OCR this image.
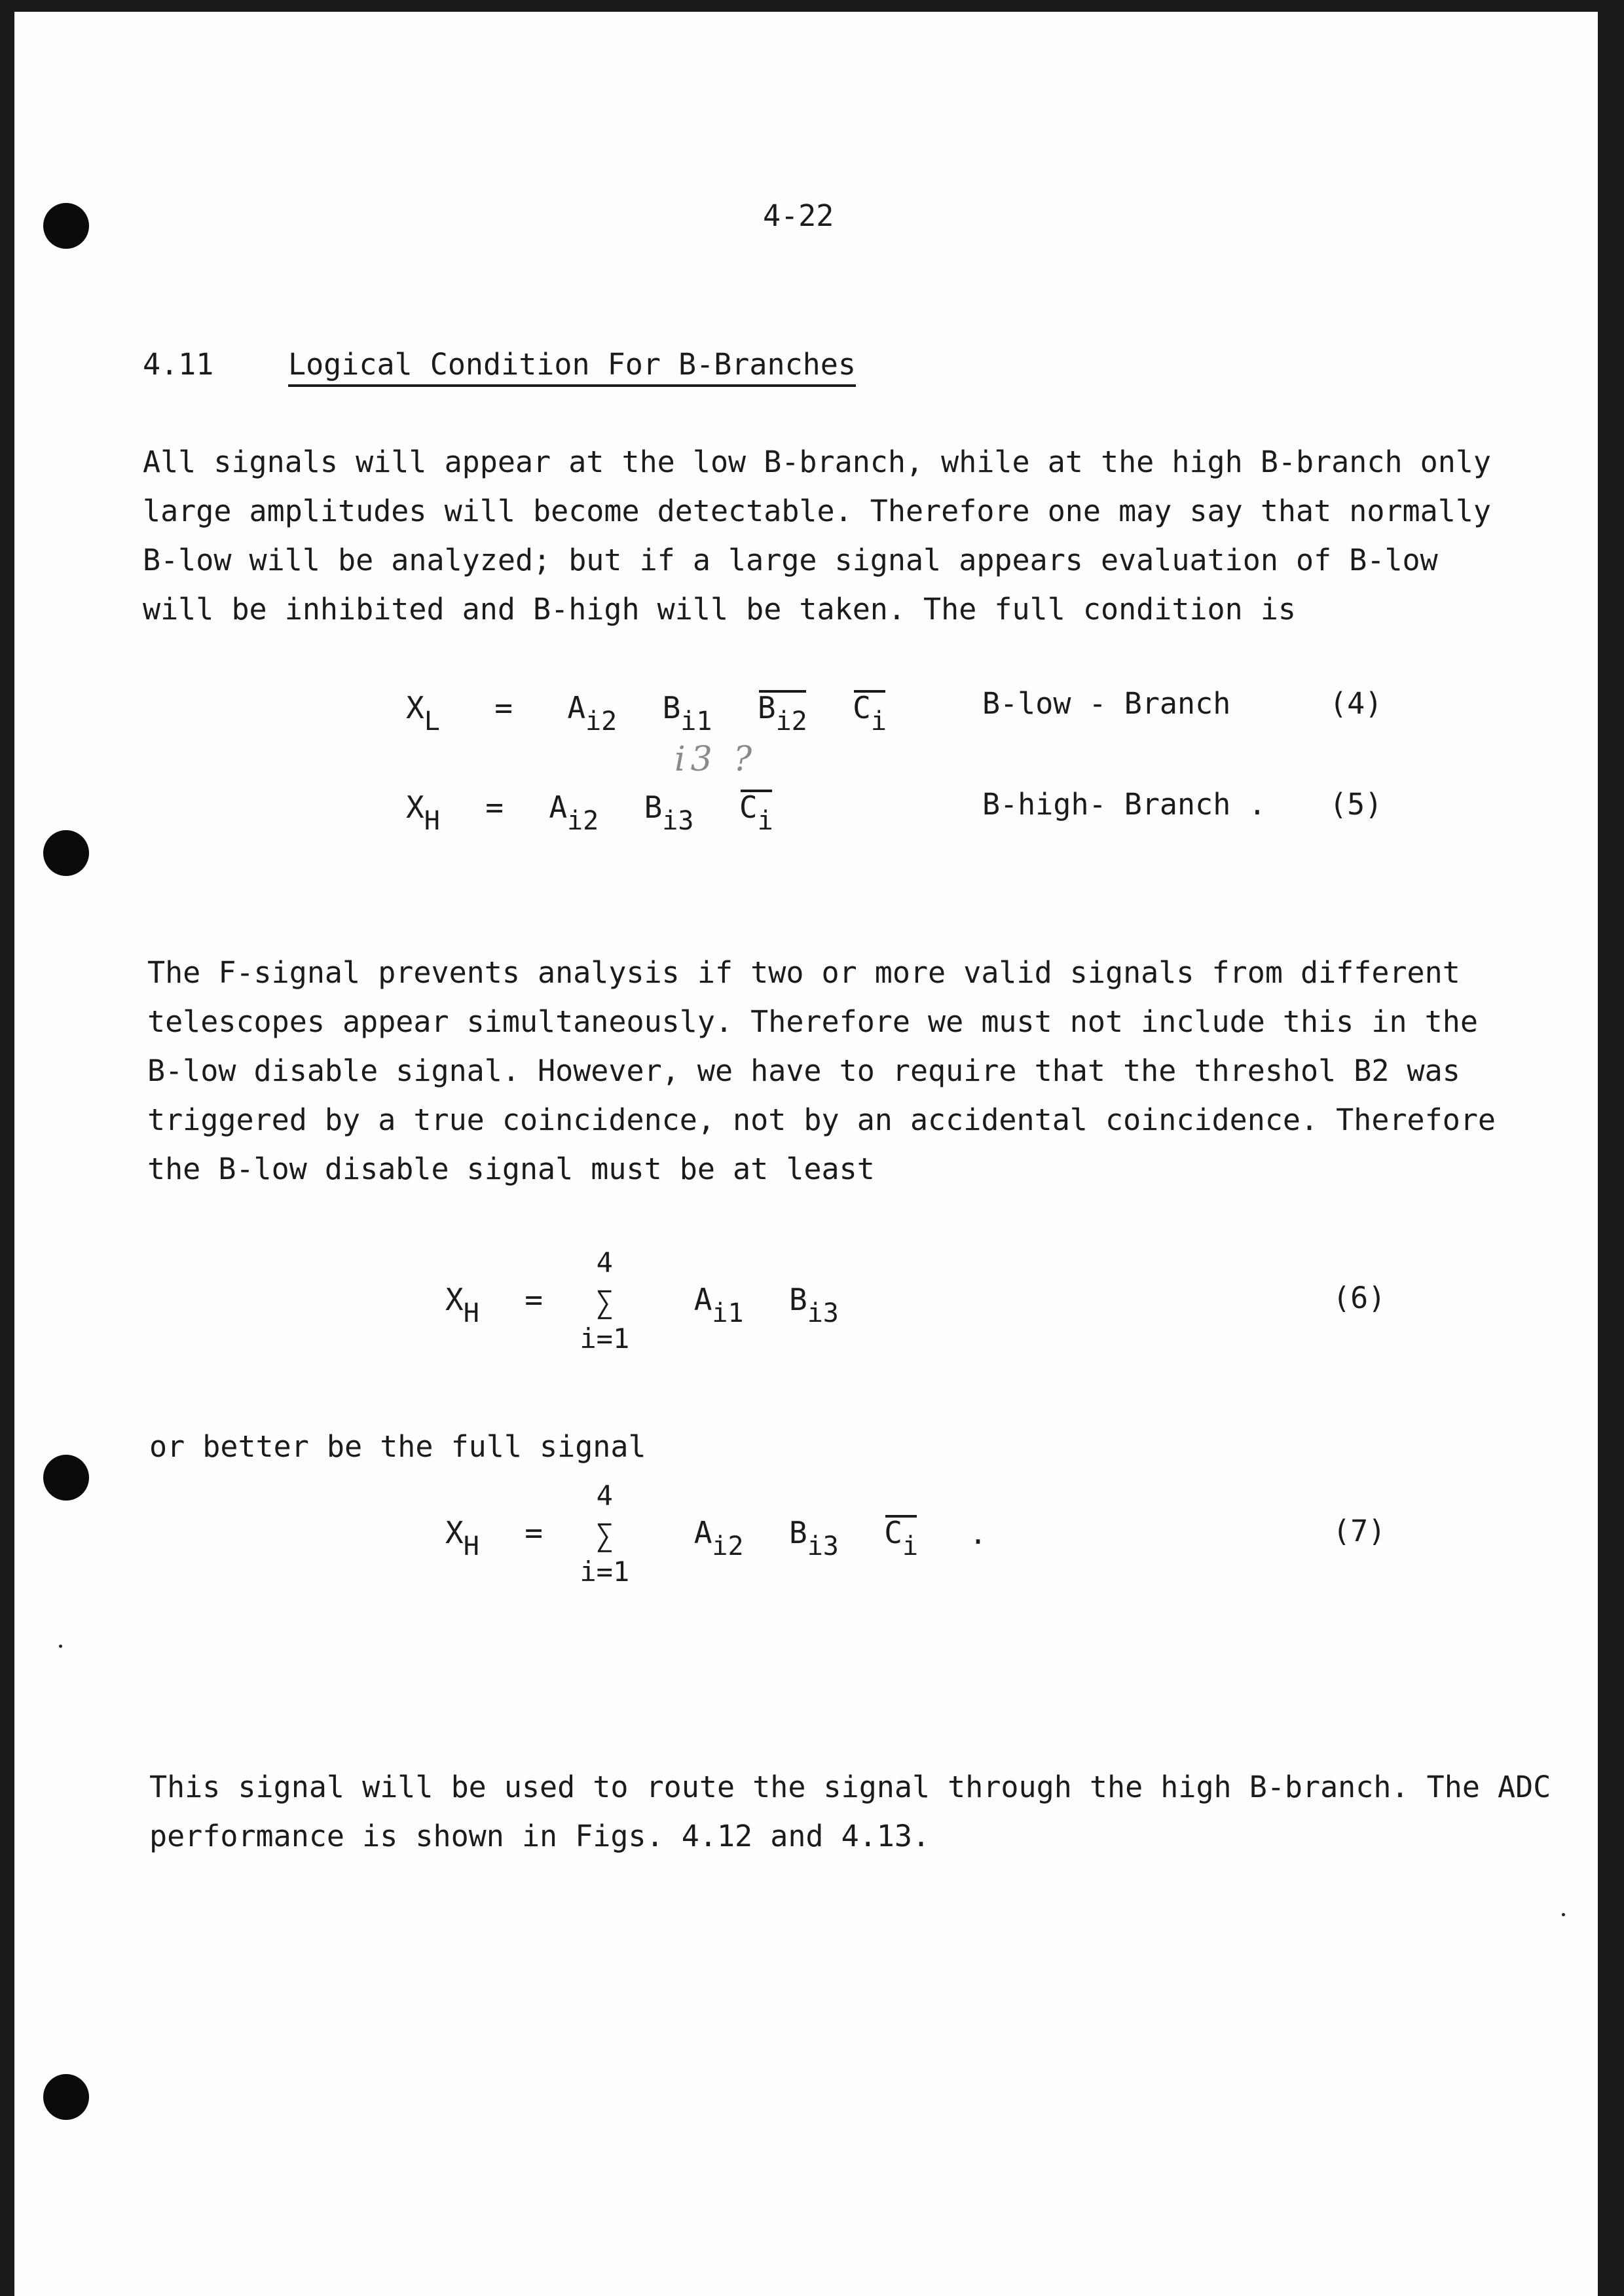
4-22
4.11	Logical Condition For B-Branches
All signals will appear at the low B-branch, while at the high B-branch only
large amplitudes will become detectable. Therefore one may say that normally
B-low will be analyzed; but if a large signal appears evaluation of B-low
will be inhibited and B-high will be taken. The full condition is
XL = Ai2 Bi1 Bi2 Ci
B-low - Branch	(4)
i3 ?
XH = Ai2 Bi3 Ci	B-high- Branch . (5)
The F-signal prevents analysis if two or more valid signals from different
telescopes appear simultaneously. Therefore we must not include this in the
B-low disable signal. However, we have to require that the threshol B2 was
triggered by a true coincidence, not by an accidental coincidence. Therefore
the B-low disable signal must be at least
XH =
4
∑
i=1
Ai1 Bi3	(6)
or better be the full signal
XH =
4
∑
i=1
Ai2 Bi3 Ci .	(7)
This signal will be used to route the signal through the high B-branch. The ADC
performance is shown in Figs. 4.12 and 4.13.
